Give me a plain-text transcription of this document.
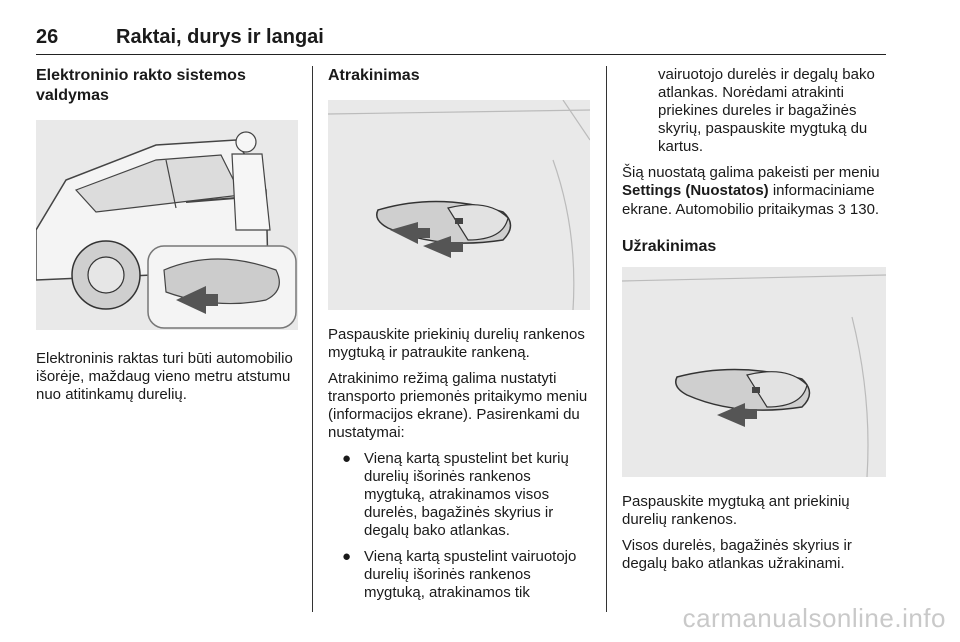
26	Raktai, durys ir langai
Elektroninio rakto sistemos
valdymas

Elektroninis raktas turi būti automobilio išorėje, maždaug vieno metru atstumu nuo atitinkamų durelių.

Atrakinimas

Paspauskite priekinių durelių rankenos mygtuką ir patraukite rankeną.

Atrakinimo režimą galima nustatyti transporto priemonės pritaikymo meniu (informacijos ekrane). Pasirenkami du nustatymai:

● Vieną kartą spustelint bet kurių durelių išorinės rankenos mygtuką, atrakinamos visos durelės, bagažinės skyrius ir degalų bako atlankas.
● Vieną kartą spustelint vairuotojo durelių išorinės rankenos mygtuką, atrakinamos tik
vairuotojo durelės ir degalų bako atlankas. Norėdami atrakinti priekines dureles ir bagažinės skyrių, paspauskite mygtuką du kartus.

Šią nuostatą galima pakeisti per meniu Settings (Nuostatos) informaciniame ekrane. Automobilio pritaikymas 3 130.

Užrakinimas

Paspauskite mygtuką ant priekinių durelių rankenos.

Visos durelės, bagažinės skyrius ir degalų bako atlankas užrakinami.

carmanualsonline.info
